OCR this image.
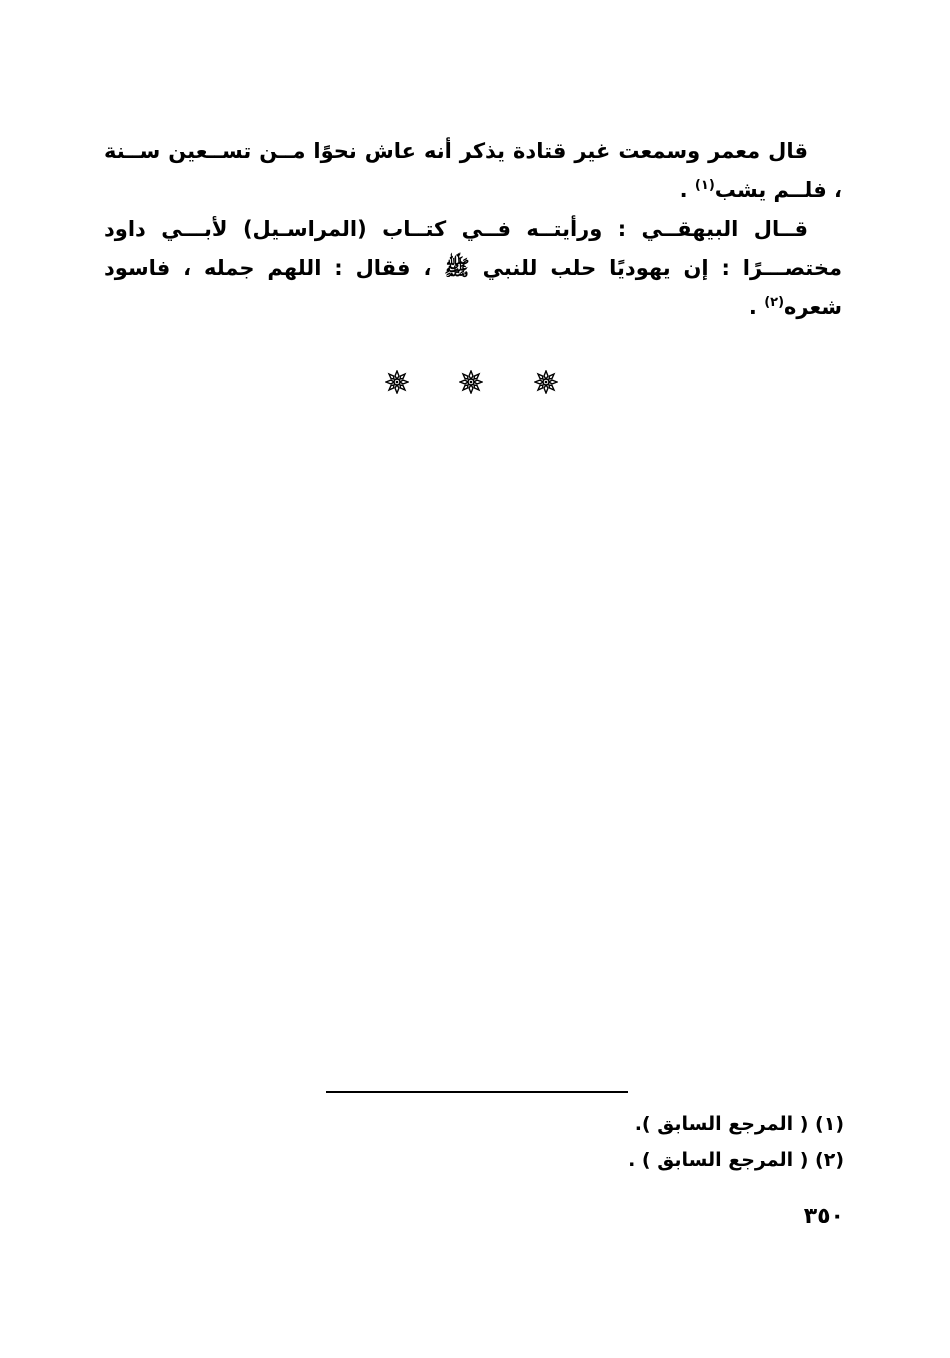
قال معمر وسمعت غير قتادة يذكر أنه عاش نحوًا مــن تســعين ســنة ، فلــم يشب$^{(١)}$ .

قــال البيهقــي : ورأيتــه فــي كتــاب (المراسـيل) لأبـــي داود مختصـــرًا : إن يهوديًا حلب للنبي ﷺ ، فقال : اللهم جمله ، فاسود شعره$^{(٢)}$ .

(١) ( المرجع السابق ).

(٢) ( المرجع السابق ) .

٣٥٠
